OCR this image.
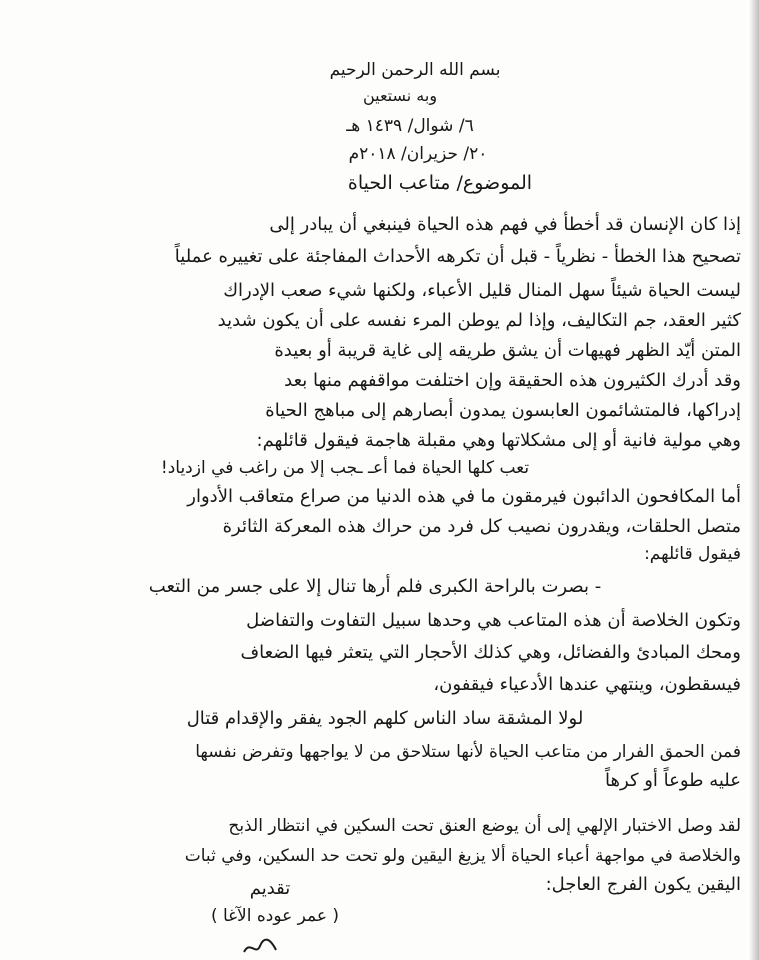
بسم الله الرحمن الرحيم
وبه نستعين
٦/ شوال/ ١٤٣٩ هـ
٢٠/ حزيران/ ٢٠١٨م
الموضوع/ متاعب الحياة
إذا كان الإنسان قد أخطأ في فهم هذه الحياة فينبغي أن يبادر إلى
تصحيح هذا الخطأ - نظرياً - قبل أن تكرهه الأحداث المفاجئة على تغييره عملياً
ليست الحياة شيئاً سهل المنال قليل الأعباء، ولكنها شيء صعب الإدراك
كثير العقد، جم التكاليف، وإذا لم يوطن المرء نفسه على أن يكون شديد
المتن أيّد الظهر فهيهات أن يشق طريقه إلى غاية قريبة أو بعيدة
وقد أدرك الكثيرون هذه الحقيقة وإن اختلفت مواقفهم منها بعد
إدراكها، فالمتشائمون العابسون يمدون أبصارهم إلى مباهج الحياة
وهي مولية فانية أو إلى مشكلاتها وهي مقبلة هاجمة فيقول قائلهم:
تعب كلها الحياة فما أعـ ـجب إلا من راغب في ازدياد!
أما المكافحون الدائبون فيرمقون ما في هذه الدنيا من صراع متعاقب الأدوار
متصل الحلقات، ويقدرون نصيب كل فرد من حراك هذه المعركة الثائرة
فيقول قائلهم:
- بصرت بالراحة الكبرى فلم أرها تنال إلا على جسر من التعب
وتكون الخلاصة أن هذه المتاعب هي وحدها سبيل التفاوت والتفاضل
ومحك المبادئ والفضائل، وهي كذلك الأحجار التي يتعثر فيها الضعاف
فيسقطون، وينتهي عندها الأدعياء فيقفون،
لولا المشقة ساد الناس كلهم الجود يفقر والإقدام قتال
فمن الحمق الفرار من متاعب الحياة لأنها ستلاحق من لا يواجهها وتفرض نفسها
عليه طوعاً أو كرهاً
لقد وصل الاختبار الإلهي إلى أن يوضع العنق تحت السكين في انتظار الذبح
والخلاصة في مواجهة أعباء الحياة ألا يزيغ اليقين ولو تحت حد السكين، وفي ثبات
اليقين يكون الفرج العاجل:
تقديم
( عمر عوده الآغا )
